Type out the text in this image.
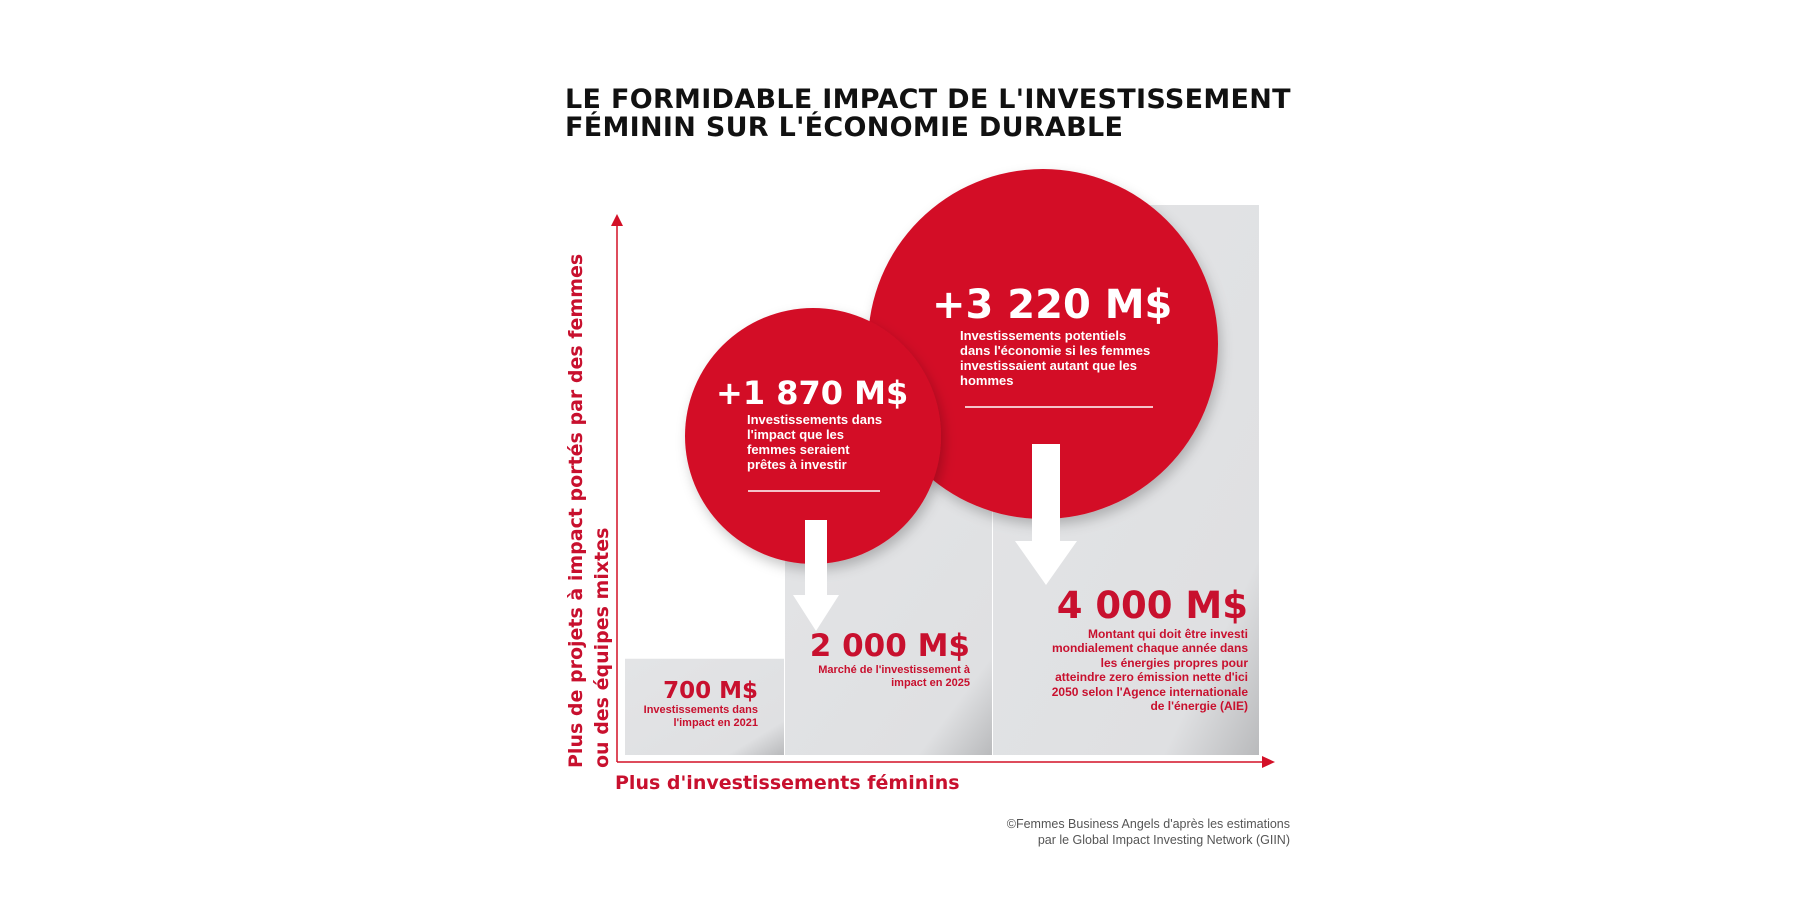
LE FORMIDABLE IMPACT DE L'INVESTISSEMENT
FÉMININ SUR L'ÉCONOMIE DURABLE
700 M$
Investissements dans l'impact en 2021
2 000 M$
Marché de l'investissement à impact en 2025
4 000 M$
Montant qui doit être investi mondialement chaque année dans les énergies propres pour atteindre zero émission nette d'ici 2050 selon l'Agence internationale de l'énergie (AIE)
+1 870 M$
Investissements dans l'impact que les femmes seraient prêtes à investir
+3 220 M$
Investissements potentiels dans l'économie si les femmes investissaient autant que les hommes
Plus d'investissements féminins
Plus de projets à impact portés par des femmes ou des équipes mixtes
©Femmes Business Angels d'après les estimations
par le Global Impact Investing Network (GIIN)
